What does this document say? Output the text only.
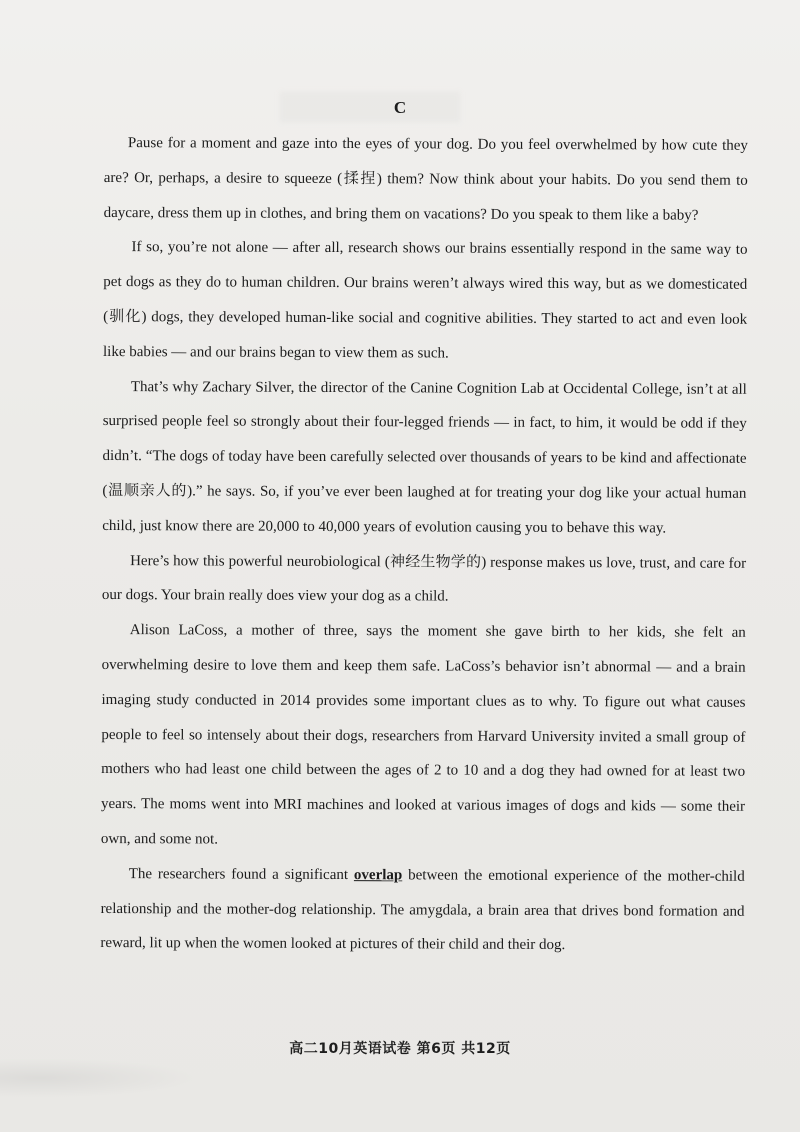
C

Pause for a moment and gaze into the eyes of your dog. Do you feel overwhelmed by how cute they are? Or, perhaps, a desire to squeeze (揉捏) them? Now think about your habits. Do you send them to daycare, dress them up in clothes, and bring them on vacations? Do you speak to them like a baby?

If so, you’re not alone — after all, research shows our brains essentially respond in the same way to pet dogs as they do to human children. Our brains weren’t always wired this way, but as we domesticated (驯化) dogs, they developed human-like social and cognitive abilities. They started to act and even look like babies — and our brains began to view them as such.

That’s why Zachary Silver, the director of the Canine Cognition Lab at Occidental College, isn’t at all surprised people feel so strongly about their four-legged friends — in fact, to him, it would be odd if they didn’t. “The dogs of today have been carefully selected over thousands of years to be kind and affectionate (温顺亲人的).” he says. So, if you’ve ever been laughed at for treating your dog like your actual human child, just know there are 20,000 to 40,000 years of evolution causing you to behave this way.

Here’s how this powerful neurobiological (神经生物学的) response makes us love, trust, and care for our dogs. Your brain really does view your dog as a child.

Alison LaCoss, a mother of three, says the moment she gave birth to her kids, she felt an overwhelming desire to love them and keep them safe. LaCoss’s behavior isn’t abnormal — and a brain imaging study conducted in 2014 provides some important clues as to why. To figure out what causes people to feel so intensely about their dogs, researchers from Harvard University invited a small group of mothers who had least one child between the ages of 2 to 10 and a dog they had owned for at least two years. The moms went into MRI machines and looked at various images of dogs and kids — some their own, and some not.

The researchers found a significant overlap between the emotional experience of the mother-child relationship and the mother-dog relationship. The amygdala, a brain area that drives bond formation and reward, lit up when the women looked at pictures of their child and their dog.

高二10月英语试卷 第6页 共12页
